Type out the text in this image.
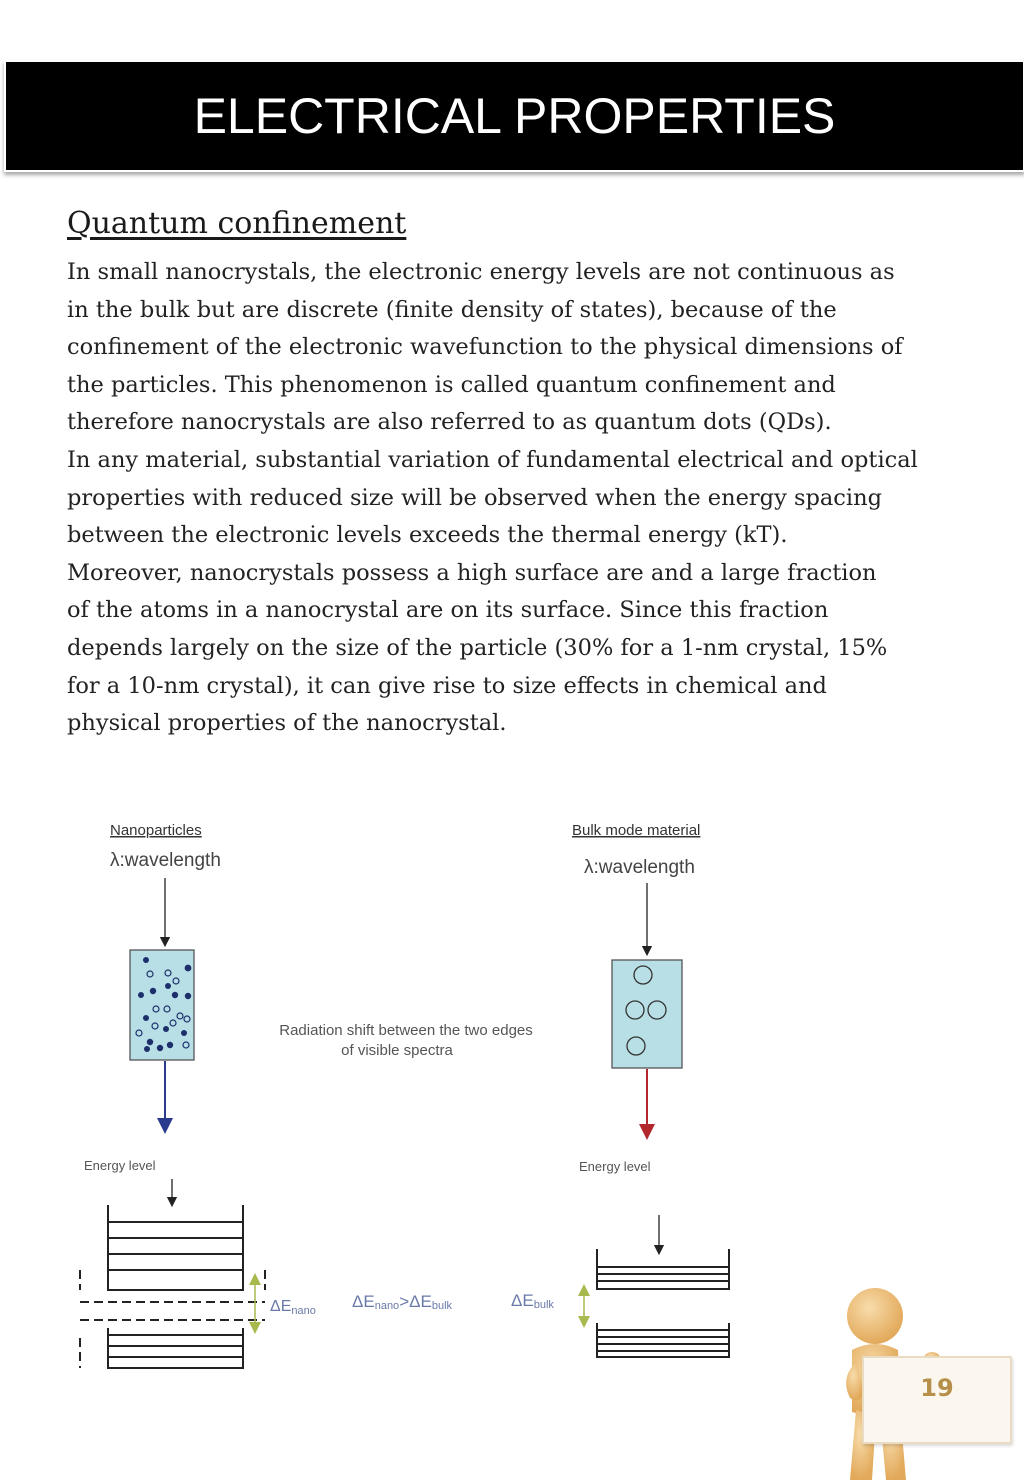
ELECTRICAL PROPERTIES
Quantum confinement

In small nanocrystals, the electronic energy levels are not continuous as
in the bulk but are discrete (finite density of states), because of the
confinement of the electronic wavefunction to the physical dimensions of
the particles. This phenomenon is called quantum confinement and
therefore nanocrystals are also referred to as quantum dots (QDs).
In any material, substantial variation of fundamental electrical and optical
properties with reduced size will be observed when the energy spacing
between the electronic levels exceeds the thermal energy (kT).
Moreover, nanocrystals possess a high surface are and a large fraction
of the atoms in a nanocrystal are on its surface. Since this fraction
depends largely on the size of the particle (30% for a 1-nm crystal, 15%
for a 10-nm crystal), it can give rise to size effects in chemical and
physical properties of the nanocrystal.

Nanoparticles
λ:wavelength
Energy level
ΔEnano
Radiation shift between the two edges
of visible spectra
ΔEnano>ΔEbulk
Bulk mode material
λ:wavelength
Energy level
ΔEbulk
19
